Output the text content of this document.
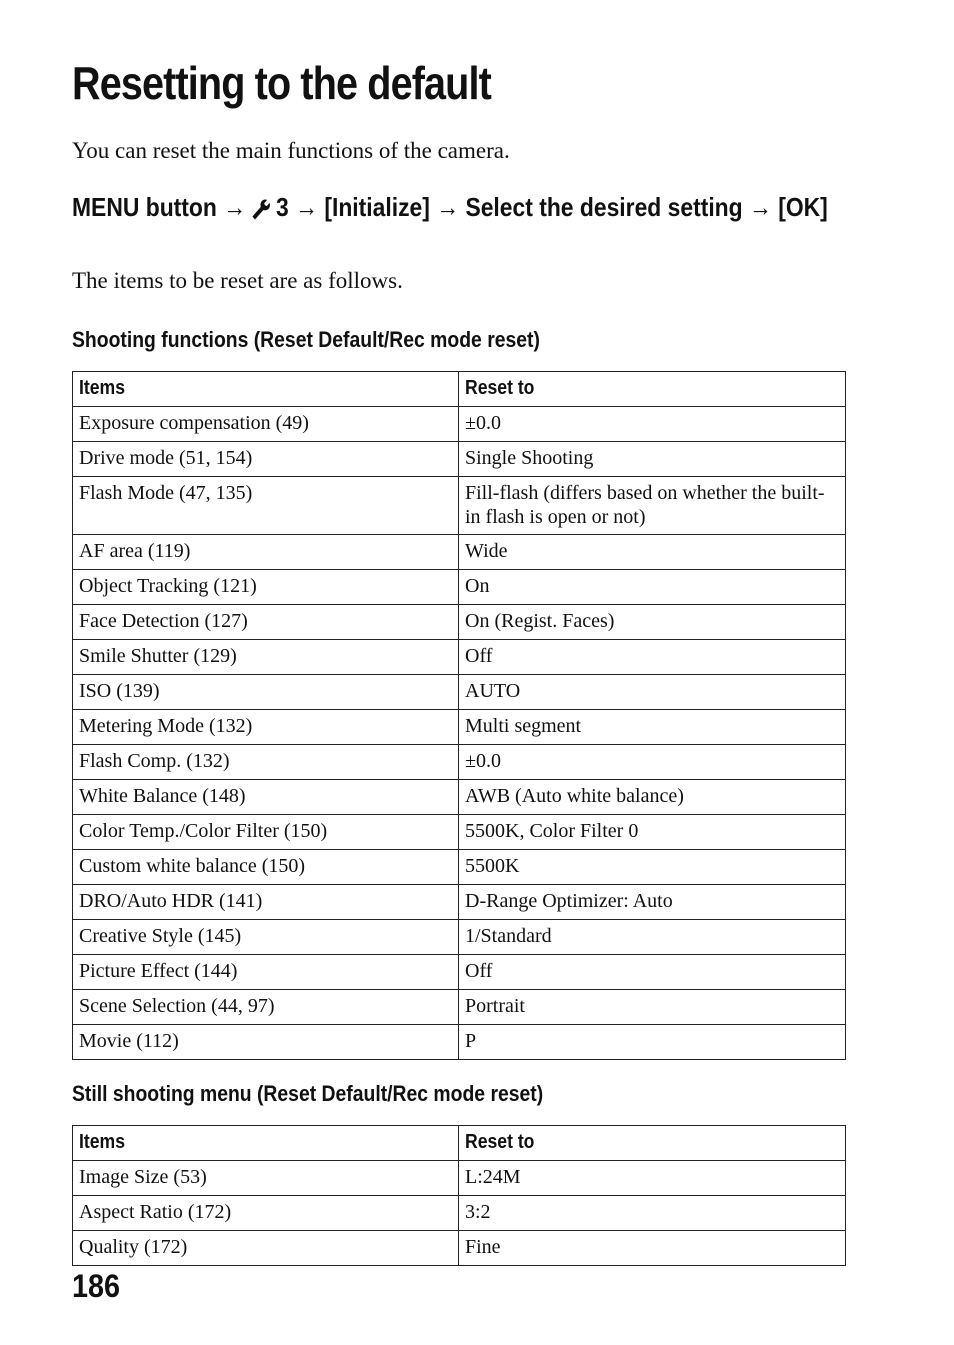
Resetting to the default

You can reset the main functions of the camera.

MENU button → 3 → [Initialize] → Select the desired setting → [OK]

The items to be reset are as follows.

Shooting functions (Reset Default/Rec mode reset)
Items	Reset to
Exposure compensation (49)	±0.0
Drive mode (51, 154)	Single Shooting
Flash Mode (47, 135)	Fill-flash (differs based on whether the built-in flash is open or not)
AF area (119)	Wide
Object Tracking (121)	On
Face Detection (127)	On (Regist. Faces)
Smile Shutter (129)	Off
ISO (139)	AUTO
Metering Mode (132)	Multi segment
Flash Comp. (132)	±0.0
White Balance (148)	AWB (Auto white balance)
Color Temp./Color Filter (150)	5500K, Color Filter 0
Custom white balance (150)	5500K
DRO/Auto HDR (141)	D-Range Optimizer: Auto
Creative Style (145)	1/Standard
Picture Effect (144)	Off
Scene Selection (44, 97)	Portrait
Movie (112)	P
Still shooting menu (Reset Default/Rec mode reset)
Items	Reset to
Image Size (53)	L:24M
Aspect Ratio (172)	3:2
Quality (172)	Fine

186
